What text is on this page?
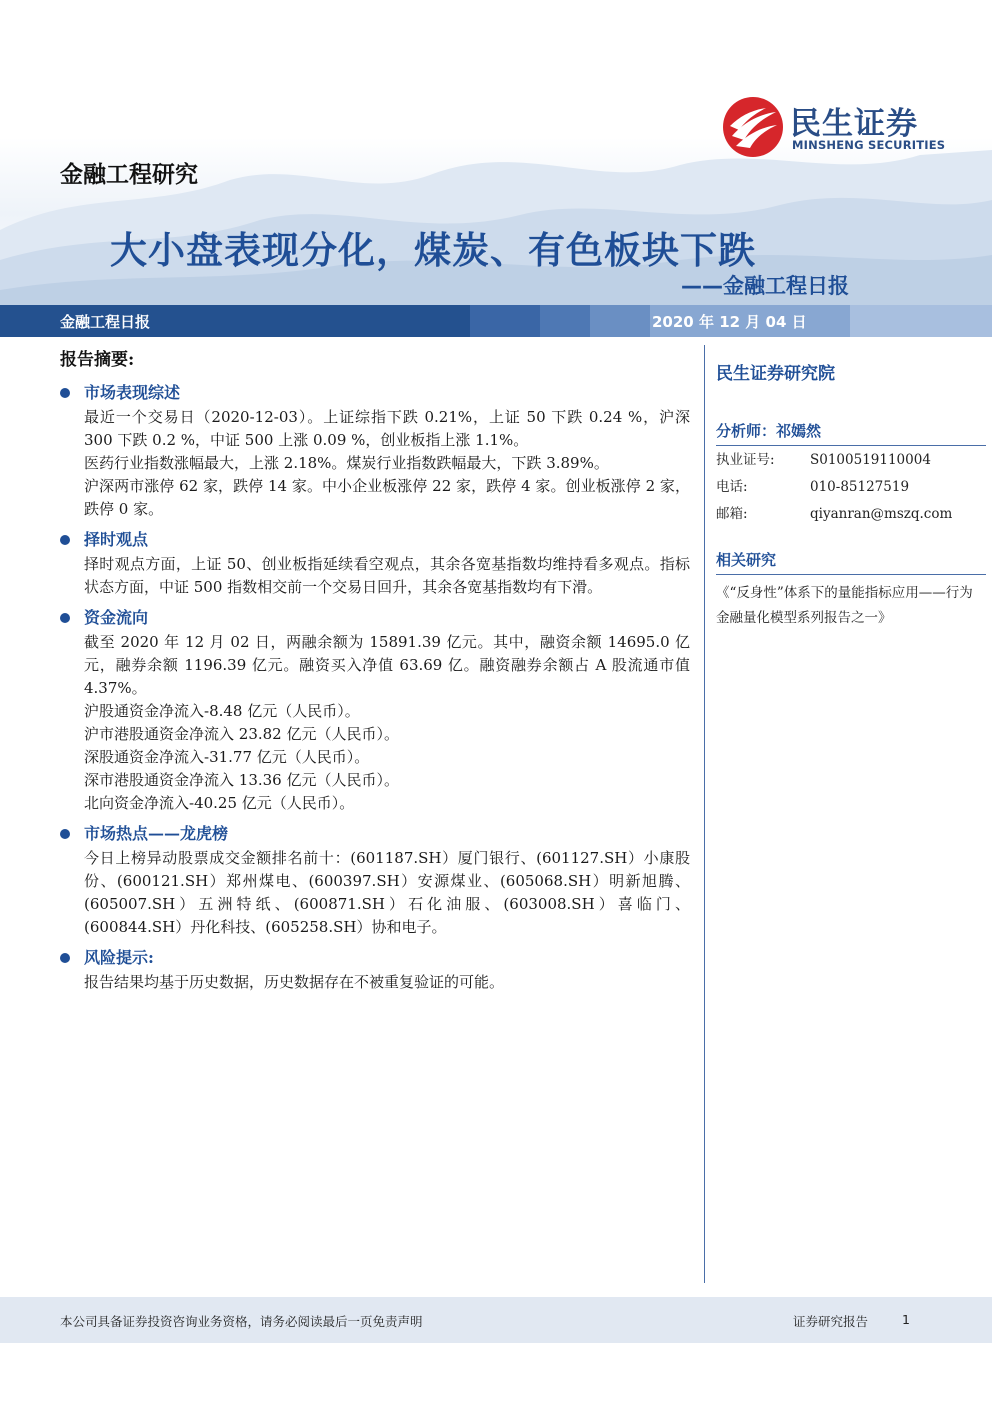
民生证券
MINSHENG SECURITIES
金融工程研究
大小盘表现分化，煤炭、有色板块下跌
——金融工程日报
金融工程日报	2020 年 12 月 04 日
报告摘要:
市场表现综述

最近一个交易日（2020-12-03）。上证综指下跌 0.21%，上证 50 下跌 0.24 %，沪深 300 下跌 0.2 %，中证 500 上涨 0.09 %，创业板指上涨 1.1%。

医药行业指数涨幅最大，上涨 2.18%。煤炭行业指数跌幅最大，下跌 3.89%。

沪深两市涨停 62 家，跌停 14 家。中小企业板涨停 22 家，跌停 4 家。创业板涨停 2 家，跌停 0 家。

择时观点

择时观点方面，上证 50、创业板指延续看空观点，其余各宽基指数均维持看多观点。指标状态方面，中证 500 指数相交前一个交易日回升，其余各宽基指数均有下滑。

资金流向

截至 2020 年 12 月 02 日，两融余额为 15891.39 亿元。其中，融资余额 14695.0 亿元，融券余额 1196.39 亿元。融资买入净值 63.69 亿。融资融券余额占 A 股流通市值 4.37%。

沪股通资金净流入-8.48 亿元（人民币）。

沪市港股通资金净流入 23.82 亿元（人民币）。

深股通资金净流入-31.77 亿元（人民币）。

深市港股通资金净流入 13.36 亿元（人民币）。

北向资金净流入-40.25 亿元（人民币）。

市场热点——龙虎榜

今日上榜异动股票成交金额排名前十：(601187.SH）厦门银行、(601127.SH）小康股份、(600121.SH）郑州煤电、(600397.SH）安源煤业、(605068.SH）明新旭腾、(605007.SH）五洲特纸、(600871.SH）石化油服、(603008.SH）喜临门、(600844.SH）丹化科技、(605258.SH）协和电子。

风险提示:

报告结果均基于历史数据，历史数据存在不被重复验证的可能。

民生证券研究院
分析师：祁嫣然
执业证号:	S0100519110004
电话:	010-85127519
邮箱:	qiyanran@mszq.com
相关研究
《“反身性”体系下的量能指标应用——行为金融量化模型系列报告之一》
本公司具备证券投资咨询业务资格，请务必阅读最后一页免责声明	证券研究报告	1
